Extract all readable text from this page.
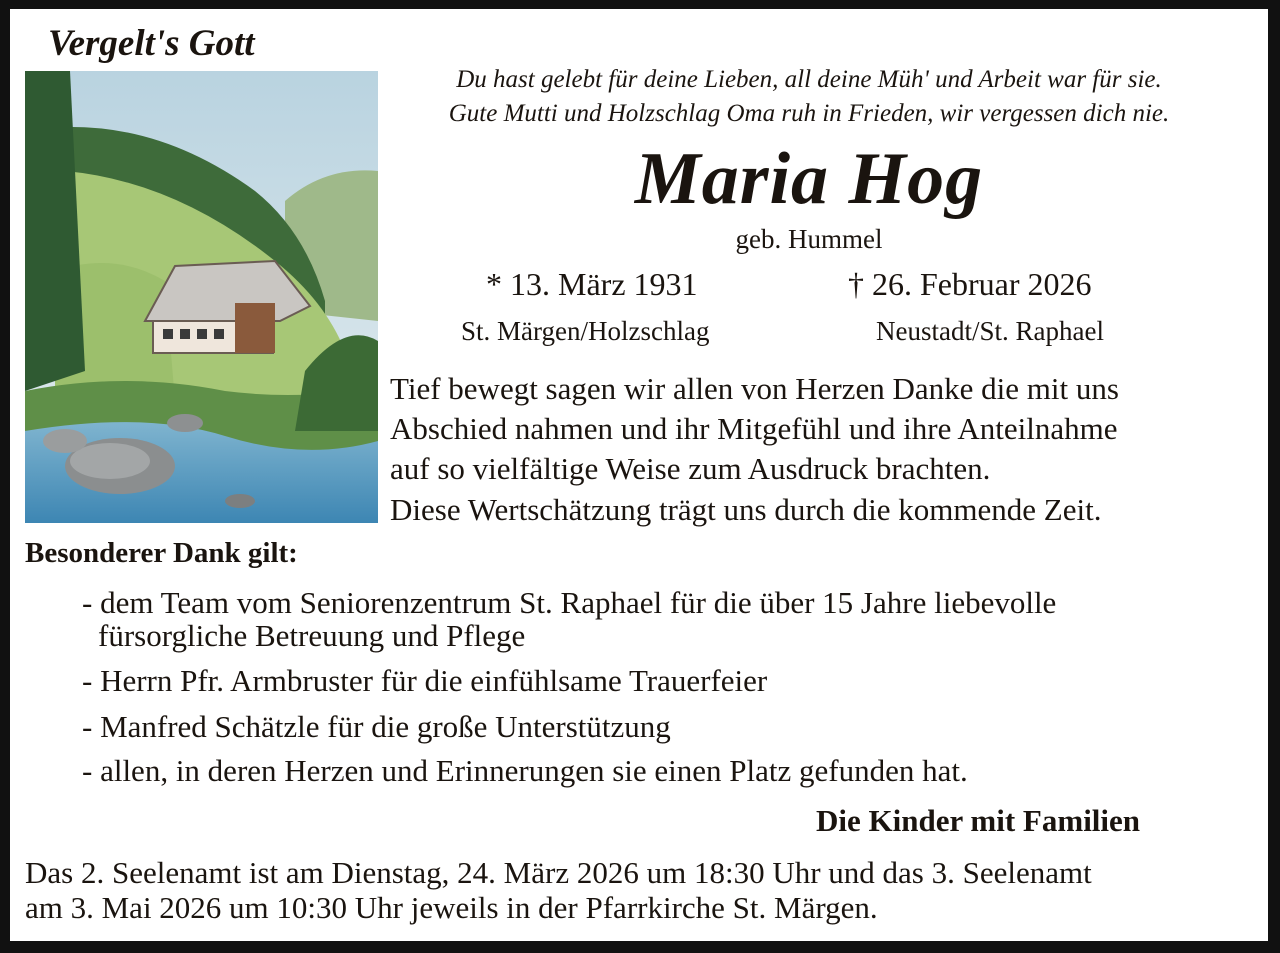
Vergelt's Gott
Du hast gelebt für deine Lieben, all deine Müh' und Arbeit war für sie.
Gute Mutti und Holzschlag Oma ruh in Frieden, wir vergessen dich nie.
Maria Hog
geb. Hummel
* 13. März 1931	† 26. Februar 2026
St. Märgen/Holzschlag	Neustadt/St. Raphael
Tief bewegt sagen wir allen von Herzen Danke die mit uns
Abschied nahmen und ihr Mitgefühl und ihre Anteilnahme
auf so vielfältige Weise zum Ausdruck brachten.
Diese Wertschätzung trägt uns durch die kommende Zeit.
Besonderer Dank gilt:
- dem Team vom Seniorenzentrum St. Raphael für die über 15 Jahre liebevolle
fürsorgliche Betreuung und Pflege
- Herrn Pfr. Armbruster für die einfühlsame Trauerfeier
- Manfred Schätzle für die große Unterstützung
- allen, in deren Herzen und Erinnerungen sie einen Platz gefunden hat.
Die Kinder mit Familien
Das 2. Seelenamt ist am Dienstag, 24. März 2026 um 18:30 Uhr und das 3. Seelenamt
am 3. Mai 2026 um 10:30 Uhr jeweils in der Pfarrkirche St. Märgen.
